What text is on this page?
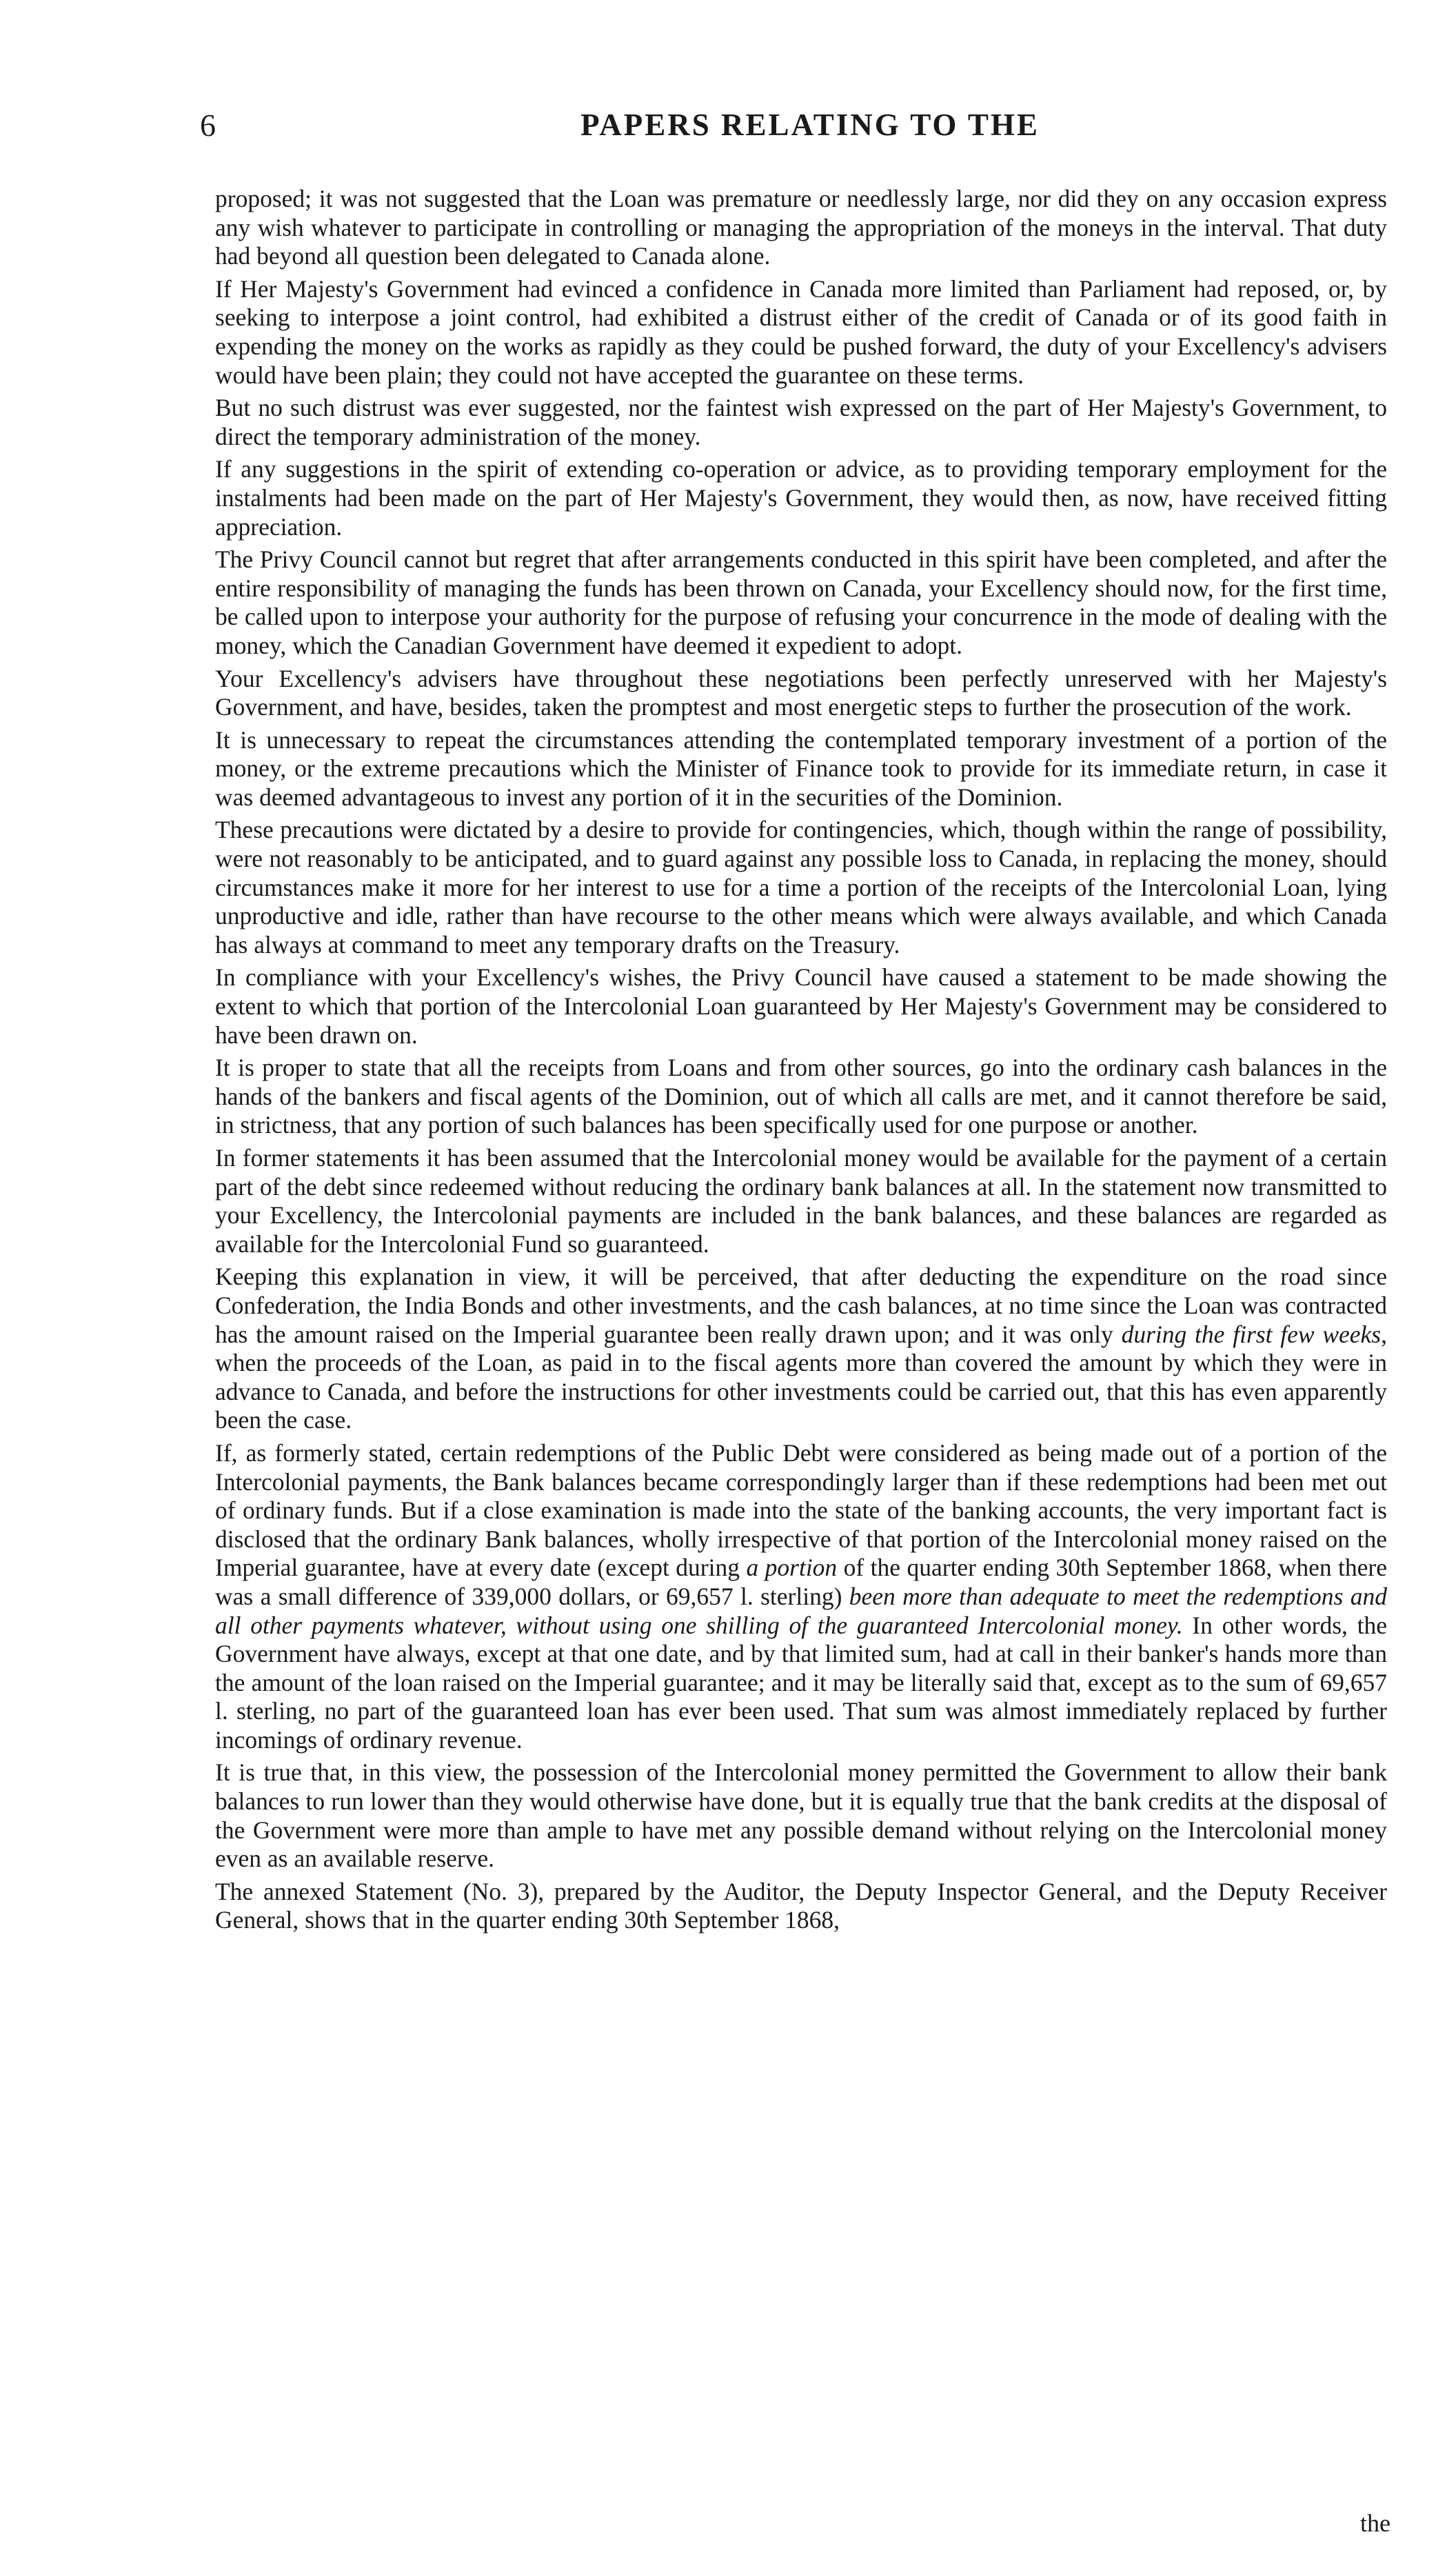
6	PAPERS RELATING TO THE

proposed; it was not suggested that the Loan was premature or needlessly large, nor did they on any occasion express any wish whatever to participate in controlling or managing the appropriation of the moneys in the interval. That duty had beyond all question been delegated to Canada alone.

If Her Majesty's Government had evinced a confidence in Canada more limited than Parliament had reposed, or, by seeking to interpose a joint control, had exhibited a distrust either of the credit of Canada or of its good faith in expending the money on the works as rapidly as they could be pushed forward, the duty of your Excellency's advisers would have been plain; they could not have accepted the guarantee on these terms.

But no such distrust was ever suggested, nor the faintest wish expressed on the part of Her Majesty's Government, to direct the temporary administration of the money.

If any suggestions in the spirit of extending co-operation or advice, as to providing temporary employment for the instalments had been made on the part of Her Majesty's Government, they would then, as now, have received fitting appreciation.

The Privy Council cannot but regret that after arrangements conducted in this spirit have been completed, and after the entire responsibility of managing the funds has been thrown on Canada, your Excellency should now, for the first time, be called upon to interpose your authority for the purpose of refusing your concurrence in the mode of dealing with the money, which the Canadian Government have deemed it expedient to adopt.

Your Excellency's advisers have throughout these negotiations been perfectly unreserved with her Majesty's Government, and have, besides, taken the promptest and most energetic steps to further the prosecution of the work.

It is unnecessary to repeat the circumstances attending the contemplated temporary investment of a portion of the money, or the extreme precautions which the Minister of Finance took to provide for its immediate return, in case it was deemed advantageous to invest any portion of it in the securities of the Dominion.

These precautions were dictated by a desire to provide for contingencies, which, though within the range of possibility, were not reasonably to be anticipated, and to guard against any possible loss to Canada, in replacing the money, should circumstances make it more for her interest to use for a time a portion of the receipts of the Intercolonial Loan, lying unproductive and idle, rather than have recourse to the other means which were always available, and which Canada has always at command to meet any temporary drafts on the Treasury.

In compliance with your Excellency's wishes, the Privy Council have caused a statement to be made showing the extent to which that portion of the Intercolonial Loan guaranteed by Her Majesty's Government may be considered to have been drawn on.

It is proper to state that all the receipts from Loans and from other sources, go into the ordinary cash balances in the hands of the bankers and fiscal agents of the Dominion, out of which all calls are met, and it cannot therefore be said, in strictness, that any portion of such balances has been specifically used for one purpose or another.

In former statements it has been assumed that the Intercolonial money would be available for the payment of a certain part of the debt since redeemed without reducing the ordinary bank balances at all. In the statement now transmitted to your Excellency, the Intercolonial payments are included in the bank balances, and these balances are regarded as available for the Intercolonial Fund so guaranteed.

Keeping this explanation in view, it will be perceived, that after deducting the expenditure on the road since Confederation, the India Bonds and other investments, and the cash balances, at no time since the Loan was contracted has the amount raised on the Imperial guarantee been really drawn upon; and it was only during the first few weeks, when the proceeds of the Loan, as paid in to the fiscal agents more than covered the amount by which they were in advance to Canada, and before the instructions for other investments could be carried out, that this has even apparently been the case.

If, as formerly stated, certain redemptions of the Public Debt were considered as being made out of a portion of the Intercolonial payments, the Bank balances became correspondingly larger than if these redemptions had been met out of ordinary funds. But if a close examination is made into the state of the banking accounts, the very important fact is disclosed that the ordinary Bank balances, wholly irrespective of that portion of the Intercolonial money raised on the Imperial guarantee, have at every date (except during a portion of the quarter ending 30th September 1868, when there was a small difference of 339,000 dollars, or 69,657 l. sterling) been more than adequate to meet the redemptions and all other payments whatever, without using one shilling of the guaranteed Intercolonial money. In other words, the Government have always, except at that one date, and by that limited sum, had at call in their banker's hands more than the amount of the loan raised on the Imperial guarantee; and it may be literally said that, except as to the sum of 69,657 l. sterling, no part of the guaranteed loan has ever been used. That sum was almost immediately replaced by further incomings of ordinary revenue.

It is true that, in this view, the possession of the Intercolonial money permitted the Government to allow their bank balances to run lower than they would otherwise have done, but it is equally true that the bank credits at the disposal of the Government were more than ample to have met any possible demand without relying on the Intercolonial money even as an available reserve.

The annexed Statement (No. 3), prepared by the Auditor, the Deputy Inspector General, and the Deputy Receiver General, shows that in the quarter ending 30th September 1868,

the
